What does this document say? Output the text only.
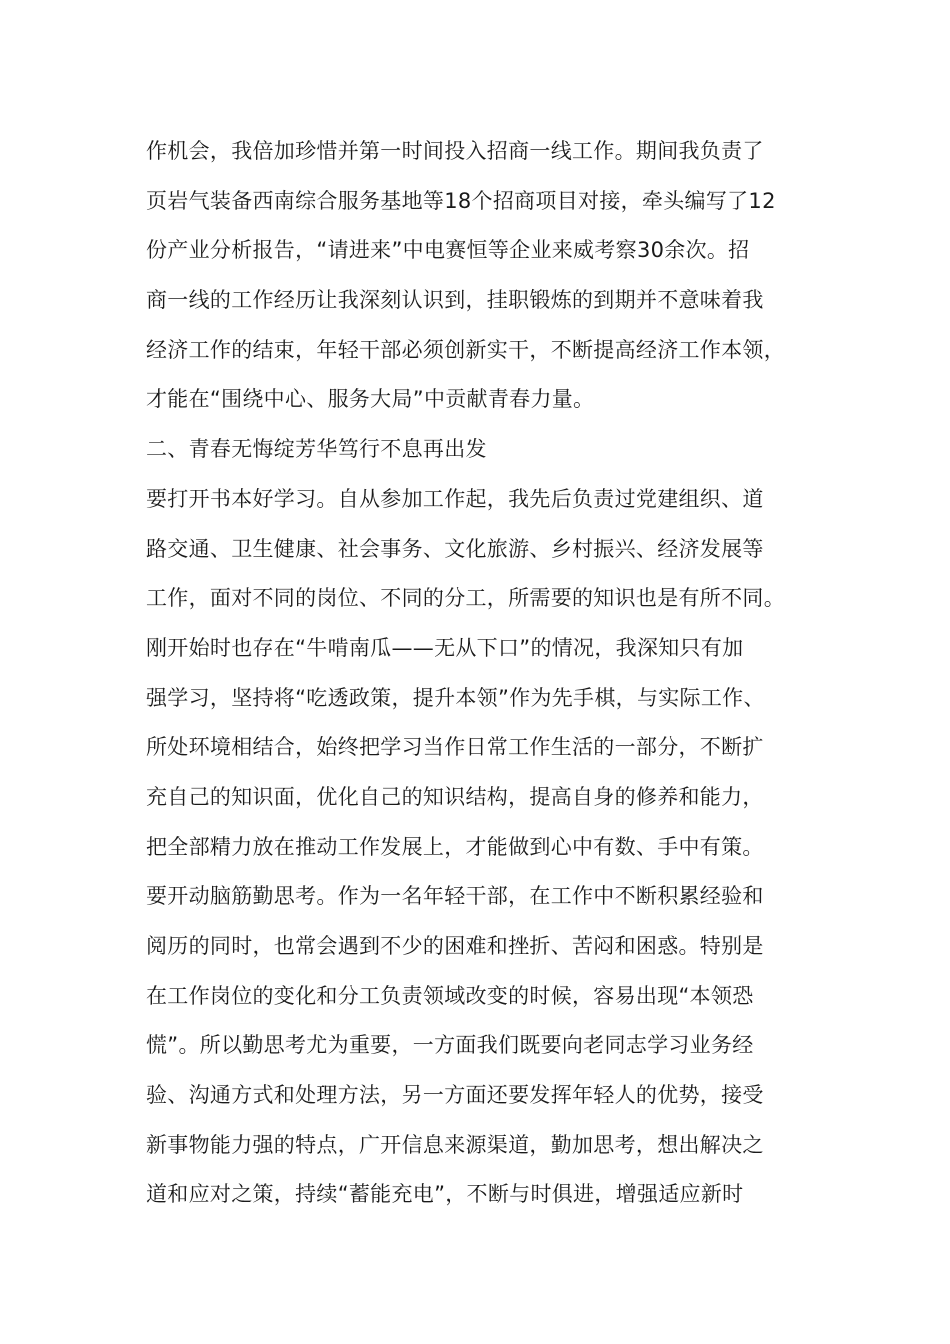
作机会，我倍加珍惜并第一时间投入招商一线工作。期间我负责了
页岩气装备西南综合服务基地等18个招商项目对接，牵头编写了12
份产业分析报告，“请进来”中电赛恒等企业来威考察30余次。招
商一线的工作经历让我深刻认识到，挂职锻炼的到期并不意味着我
经济工作的结束，年轻干部必须创新实干，不断提高经济工作本领，
才能在“围绕中心、服务大局”中贡献青春力量。
二、青春无悔绽芳华笃行不息再出发
要打开书本好学习。自从参加工作起，我先后负责过党建组织、道
路交通、卫生健康、社会事务、文化旅游、乡村振兴、经济发展等
工作，面对不同的岗位、不同的分工，所需要的知识也是有所不同。
刚开始时也存在“牛啃南瓜——无从下口”的情况，我深知只有加
强学习，坚持将“吃透政策，提升本领”作为先手棋，与实际工作、
所处环境相结合，始终把学习当作日常工作生活的一部分，不断扩
充自己的知识面，优化自己的知识结构，提高自身的修养和能力，
把全部精力放在推动工作发展上，才能做到心中有数、手中有策。
要开动脑筋勤思考。作为一名年轻干部，在工作中不断积累经验和
阅历的同时，也常会遇到不少的困难和挫折、苦闷和困惑。特别是
在工作岗位的变化和分工负责领域改变的时候，容易出现“本领恐
慌”。所以勤思考尤为重要，一方面我们既要向老同志学习业务经
验、沟通方式和处理方法，另一方面还要发挥年轻人的优势，接受
新事物能力强的特点，广开信息来源渠道，勤加思考，想出解决之
道和应对之策，持续“蓄能充电”，不断与时俱进，增强适应新时
